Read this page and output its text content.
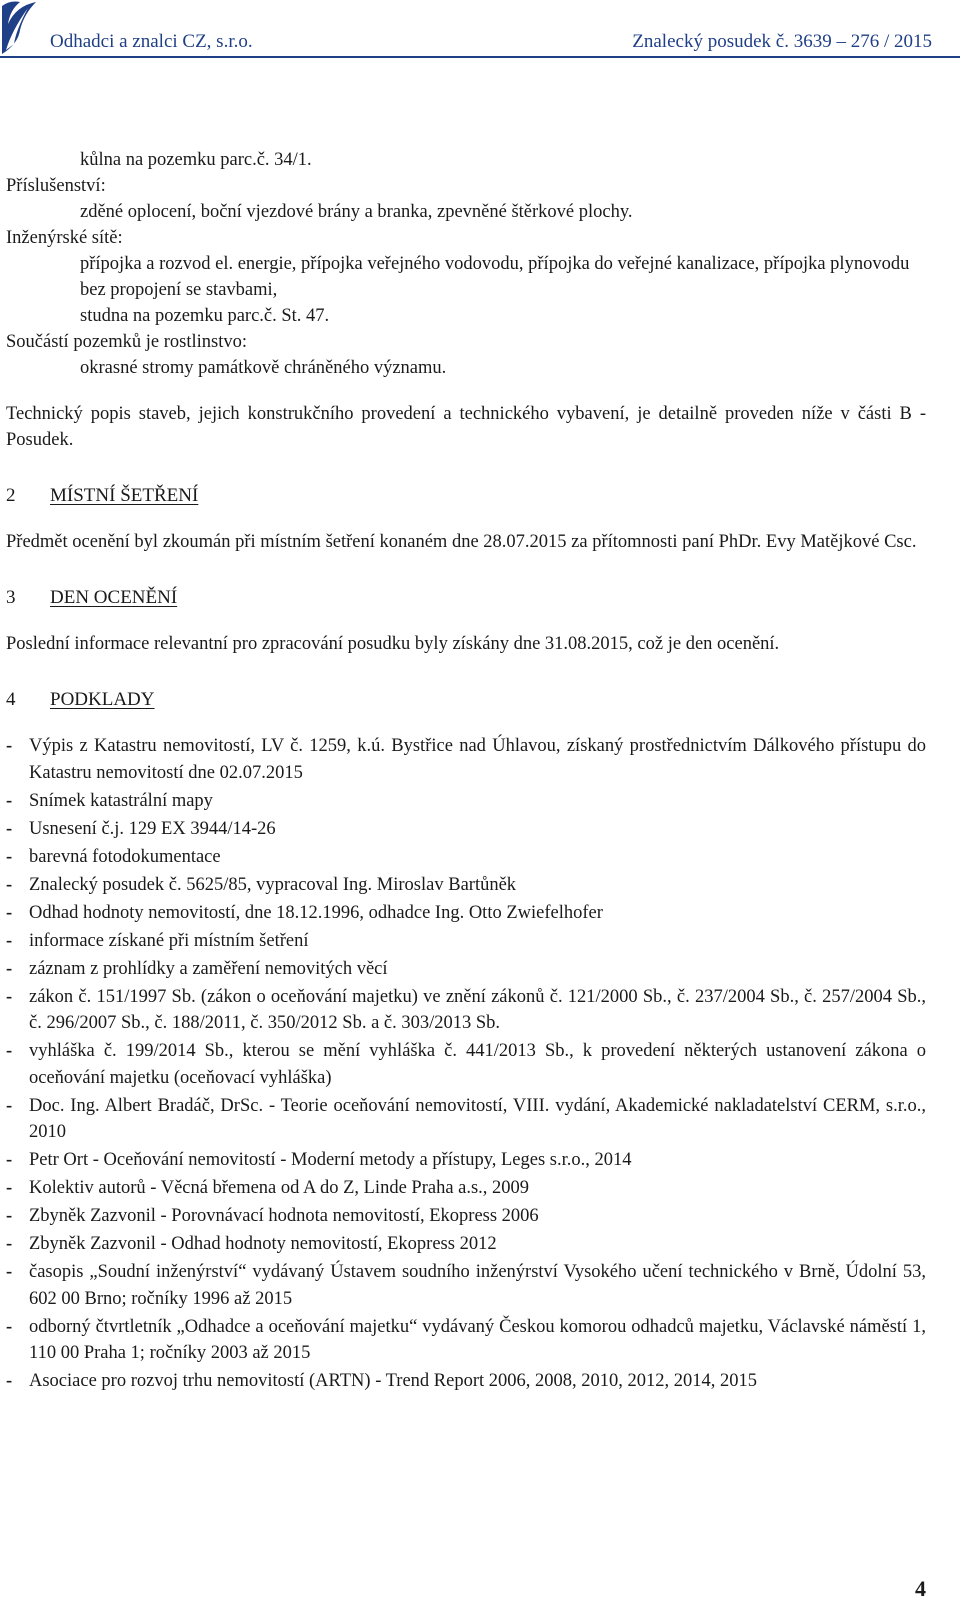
Odhadci a znalci CZ, s.r.o.	Znalecký posudek č. 3639 – 276 / 2015

kůlna na pozemku parc.č. 34/1.

Příslušenství:

zděné oplocení, boční vjezdové brány a branka, zpevněné štěrkové plochy.

Inženýrské sítě:

přípojka a rozvod el. energie, přípojka veřejného vodovodu, přípojka do veřejné kanalizace, přípojka plynovodu bez propojení se stavbami,

studna na pozemku parc.č. St. 47.

Součástí pozemků je rostlinstvo:

okrasné stromy památkově chráněného významu.

Technický popis staveb, jejich konstrukčního provedení a technického vybavení, je detailně proveden níže v části B - Posudek.

2 MÍSTNÍ ŠETŘENÍ

Předmět ocenění byl zkoumán při místním šetření konaném dne 28.07.2015 za přítomnosti paní PhDr. Evy Matějkové Csc.

3 DEN OCENĚNÍ

Poslední informace relevantní pro zpracování posudku byly získány dne 31.08.2015, což je den ocenění.

4 PODKLADY
- Výpis z Katastru nemovitostí, LV č. 1259, k.ú. Bystřice nad Úhlavou, získaný prostřednictvím Dálkového přístupu do Katastru nemovitostí dne 02.07.2015
- Snímek katastrální mapy
- Usnesení č.j. 129 EX 3944/14-26
- barevná fotodokumentace
- Znalecký posudek č. 5625/85, vypracoval Ing. Miroslav Bartůněk
- Odhad hodnoty nemovitostí, dne 18.12.1996, odhadce Ing. Otto Zwiefelhofer
- informace získané při místním šetření
- záznam z prohlídky a zaměření nemovitých věcí
- zákon č. 151/1997 Sb. (zákon o oceňování majetku) ve znění zákonů č. 121/2000 Sb., č. 237/2004 Sb., č. 257/2004 Sb., č. 296/2007 Sb., č. 188/2011, č. 350/2012 Sb. a č. 303/2013 Sb.
- vyhláška č. 199/2014 Sb., kterou se mění vyhláška č. 441/2013 Sb., k provedení některých ustanovení zákona o oceňování majetku (oceňovací vyhláška)
- Doc. Ing. Albert Bradáč, DrSc. - Teorie oceňování nemovitostí, VIII. vydání, Akademické nakladatelství CERM, s.r.o., 2010
- Petr Ort - Oceňování nemovitostí - Moderní metody a přístupy, Leges s.r.o., 2014
- Kolektiv autorů - Věcná břemena od A do Z, Linde Praha a.s., 2009
- Zbyněk Zazvonil - Porovnávací hodnota nemovitostí, Ekopress 2006
- Zbyněk Zazvonil - Odhad hodnoty nemovitostí, Ekopress 2012
- časopis „Soudní inženýrství“ vydávaný Ústavem soudního inženýrství Vysokého učení technického v Brně, Údolní 53, 602 00 Brno; ročníky 1996 až 2015
- odborný čtvrtletník „Odhadce a oceňování majetku“ vydávaný Českou komorou odhadců majetku, Václavské náměstí 1, 110 00 Praha 1; ročníky 2003 až 2015
- Asociace pro rozvoj trhu nemovitostí (ARTN) - Trend Report 2006, 2008, 2010, 2012, 2014, 2015
4
